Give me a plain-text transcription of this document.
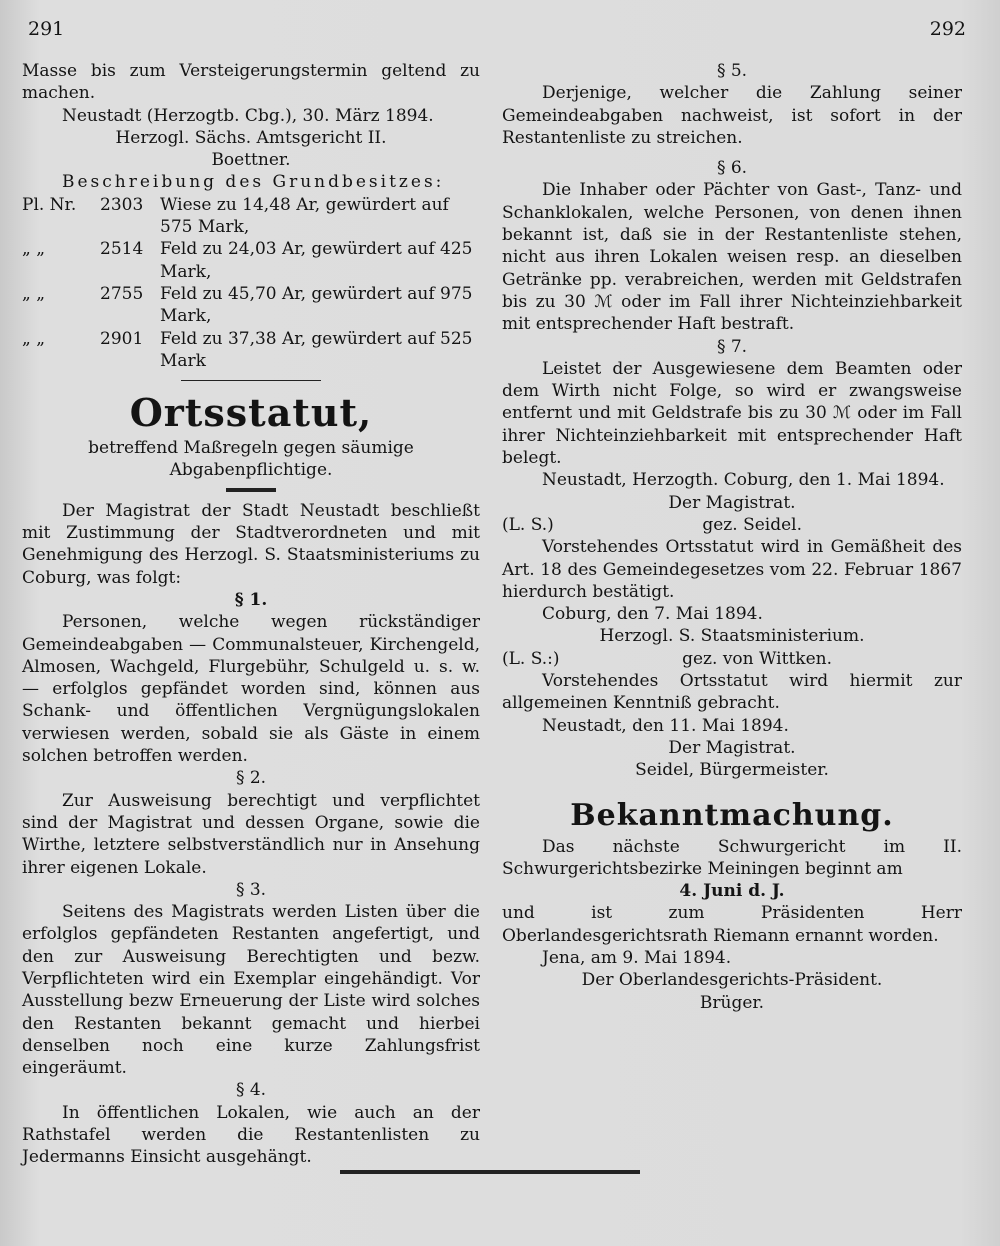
291	292

Masse bis zum Versteigerungstermin geltend zu machen.

Neustadt (Herzogtb. Cbg.), 30. März 1894.

Herzogl. Sächs. Amtsgericht II.

Boettner.

Beschreibung des Grundbesitzes:

Pl. Nr.	2303	Wiese zu 14,48 Ar, gewürdert auf 575 Mark,
„ „	2514	Feld zu 24,03 Ar, gewürdert auf 425 Mark,
„ „	2755	Feld zu 45,70 Ar, gewürdert auf 975 Mark,
„ „	2901	Feld zu 37,38 Ar, gewürdert auf 525 Mark
Ortsstatut,

betreffend Maßregeln gegen säumige Abgabenpflichtige.

Der Magistrat der Stadt Neustadt beschließt mit Zustimmung der Stadtverordneten und mit Genehmigung des Herzogl. S. Staatsministeriums zu Coburg, was folgt:

§ 1.

Personen, welche wegen rückständiger Gemeindeabgaben — Communalsteuer, Kirchengeld, Almosen, Wachgeld, Flurgebühr, Schulgeld u. s. w. — erfolglos gepfändet worden sind, können aus Schank- und öffentlichen Vergnügungslokalen verwiesen werden, sobald sie als Gäste in einem solchen betroffen werden.

§ 2.

Zur Ausweisung berechtigt und verpflichtet sind der Magistrat und dessen Organe, sowie die Wirthe, letztere selbstverständlich nur in Ansehung ihrer eigenen Lokale.

§ 3.

Seitens des Magistrats werden Listen über die erfolglos gepfändeten Restanten angefertigt, und den zur Ausweisung Berechtigten und bezw. Verpflichteten wird ein Exemplar eingehändigt. Vor Ausstellung bezw Erneuerung der Liste wird solches den Restanten bekannt gemacht und hierbei denselben noch eine kurze Zahlungsfrist eingeräumt.

§ 4.

In öffentlichen Lokalen, wie auch an der Rathstafel werden die Restantenlisten zu Jedermanns Einsicht ausgehängt.

§ 5.

Derjenige, welcher die Zahlung seiner Gemeindeabgaben nachweist, ist sofort in der Restantenliste zu streichen.

§ 6.

Die Inhaber oder Pächter von Gast-, Tanz- und Schanklokalen, welche Personen, von denen ihnen bekannt ist, daß sie in der Restantenliste stehen, nicht aus ihren Lokalen weisen resp. an dieselben Getränke pp. verabreichen, werden mit Geldstrafen bis zu 30 ℳ oder im Fall ihrer Nichteinziehbarkeit mit entsprechender Haft bestraft.

§ 7.

Leistet der Ausgewiesene dem Beamten oder dem Wirth nicht Folge, so wird er zwangsweise entfernt und mit Geldstrafe bis zu 30 ℳ oder im Fall ihrer Nichteinziehbarkeit mit entsprechender Haft belegt.

Neustadt, Herzogth. Coburg, den 1. Mai 1894.

Der Magistrat.

(L. S.)	gez. Seidel.

Vorstehendes Ortsstatut wird in Gemäßheit des Art. 18 des Gemeindegesetzes vom 22. Februar 1867 hierdurch bestätigt.

Coburg, den 7. Mai 1894.

Herzogl. S. Staatsministerium.

(L. S.:)	gez. von Wittken.

Vorstehendes Ortsstatut wird hiermit zur allgemeinen Kenntniß gebracht.

Neustadt, den 11. Mai 1894.

Der Magistrat.

Seidel, Bürgermeister.

Bekanntmachung.

Das nächste Schwurgericht im II. Schwurgerichtsbezirke Meiningen beginnt am

4. Juni d. J.

und ist zum Präsidenten Herr Oberlandesgerichtsrath Riemann ernannt worden.

Jena, am 9. Mai 1894.

Der Oberlandesgerichts-Präsident.

Brüger.
